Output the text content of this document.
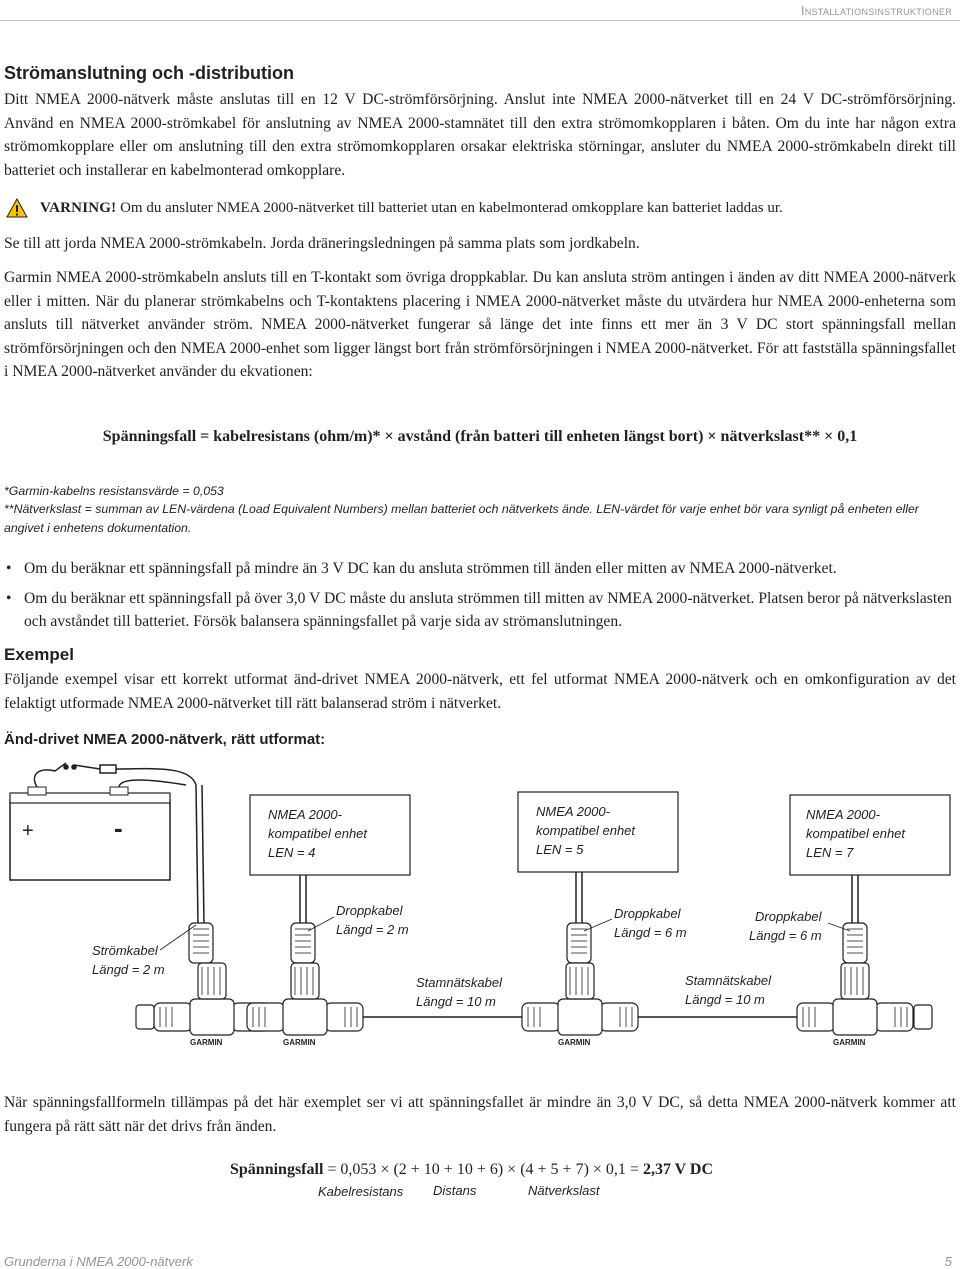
Installationsinstruktioner
Strömanslutning och -distribution

Ditt NMEA 2000-nätverk måste anslutas till en 12 V DC-strömförsörjning. Anslut inte NMEA 2000-nätverket till en 24 V DC-strömförsörjning. Använd en NMEA 2000-strömkabel för anslutning av NMEA 2000-stamnätet till den extra strömomkopplaren i båten. Om du inte har någon extra strömomkopplare eller om anslutning till den extra strömomkopplaren orsakar elektriska störningar, ansluter du NMEA 2000-strömkabeln direkt till batteriet och installerar en kabelmonterad omkopplare.

VARNING! Om du ansluter NMEA 2000-nätverket till batteriet utan en kabelmonterad omkopplare kan batteriet laddas ur.

Se till att jorda NMEA 2000-strömkabeln. Jorda dräneringsledningen på samma plats som jordkabeln.

Garmin NMEA 2000-strömkabeln ansluts till en T-kontakt som övriga droppkablar. Du kan ansluta ström antingen i änden av ditt NMEA 2000-nätverk eller i mitten. När du planerar strömkabelns och T-kontaktens placering i NMEA 2000-nätverket måste du utvärdera hur NMEA 2000-enheterna som ansluts till nätverket använder ström. NMEA 2000-nätverket fungerar så länge det inte finns ett mer än 3 V DC stort spänningsfall mellan strömförsörjningen och den NMEA 2000-enhet som ligger längst bort från strömförsörjningen i NMEA 2000-nätverket. För att fastställa spänningsfallet i NMEA 2000-nätverket använder du ekvationen:

Spänningsfall = kabelresistans (ohm/m)* × avstånd (från batteri till enheten längst bort) × nätverkslast** × 0,1

*Garmin-kabelns resistansvärde = 0,053

**Nätverkslast = summan av LEN-värdena (Load Equivalent Numbers) mellan batteriet och nätverkets ände. LEN-värdet för varje enhet bör vara synligt på enheten eller angivet i enhetens dokumentation.

• Om du beräknar ett spänningsfall på mindre än 3 V DC kan du ansluta strömmen till änden eller mitten av NMEA 2000-nätverket.
• Om du beräknar ett spänningsfall på över 3,0 V DC måste du ansluta strömmen till mitten av NMEA 2000-nätverket. Platsen beror på nätverkslasten och avståndet till batteriet. Försök balansera spänningsfallet på varje sida av strömanslutningen.
Exempel

Följande exempel visar ett korrekt utformat änd-drivet NMEA 2000-nätverk, ett fel utformat NMEA 2000-nätverk och en omkonfiguration av det felaktigt utformade NMEA 2000-nätverket till rätt balanserad ström i nätverket.

Änd-drivet NMEA 2000-nätverk, rätt utformat:
+	-	NMEA 2000-
kompatibel enhet
LEN = 4
NMEA 2000-
kompatibel enhet
LEN = 5
NMEA 2000-
kompatibel enhet
LEN = 7
GARMIN	GARMIN	GARMIN	GARMIN
Strömkabel
Längd = 2 m
Droppkabel
Längd = 2 m
Droppkabel
Längd = 6 m
Droppkabel
Längd = 6 m
Stamnätskabel
Längd = 10 m
Stamnätskabel
Längd = 10 m

När spänningsfallformeln tillämpas på det här exemplet ser vi att spänningsfallet är mindre än 3,0 V DC, så detta NMEA 2000-nätverk kommer att fungera på rätt sätt när det drivs från änden.

Spänningsfall = 0,053 × (2 + 10 + 10 + 6) × (4 + 5 + 7) × 0,1 = 2,37 V DC
Kabelresistans Distans	Nätverkslast
Grunderna i NMEA 2000-nätverk	5
